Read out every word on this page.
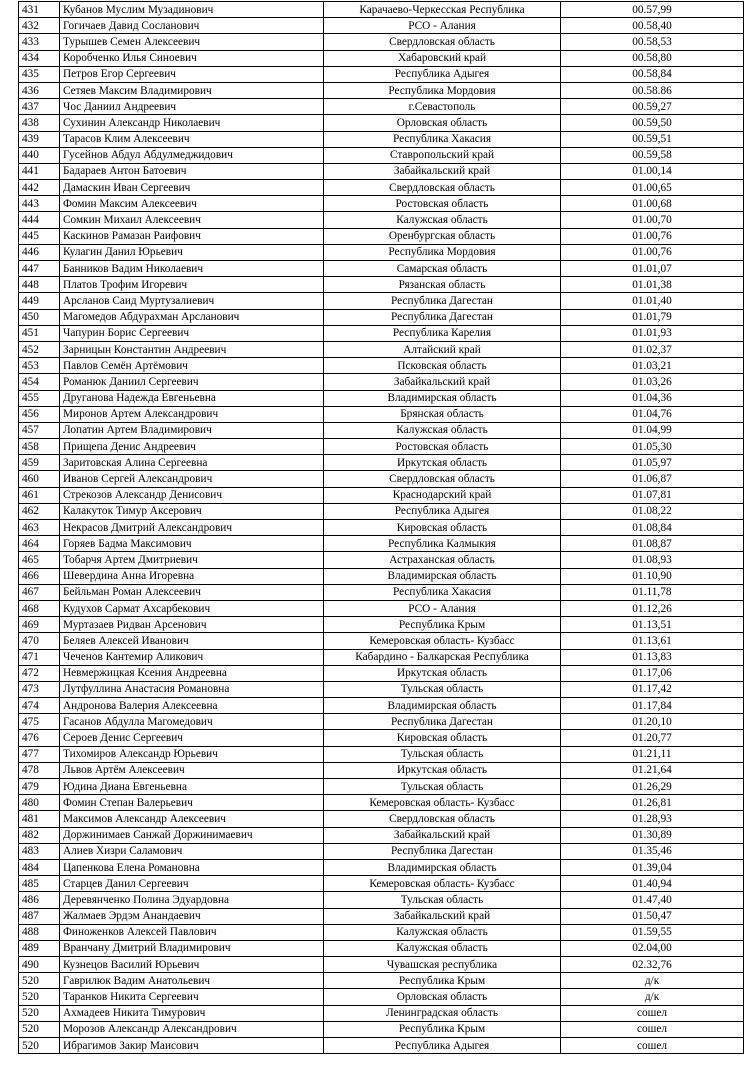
431	Кубанов Муслим Музадинович	Карачаево-Черкесская Республика	00.57,99
432	Гогичаев Давид Сосланович	РСО - Алания	00.58,40
433	Турышев Семен Алексеевич	Свердловская область	00.58,53
434	Коробченко Илья Синоевич	Хабаровский край	00.58,80
435	Петров Егор Сергеевич	Республика Адыгея	00.58,84
436	Сетяев Максим Владимирович	Республика Мордовия	00.58.86
437	Чос Даниил Андреевич	г.Севастополь	00.59,27
438	Сухинин Александр Николаевич	Орловская область	00.59,50
439	Тарасов Клим Алексеевич	Республика Хакасия	00.59,51
440	Гусейнов Абдул Абдулмеджидович	Ставропольский край	00.59,58
441	Бадараев Антон Батоевич	Забайкальский край	01.00,14
442	Дамаскин Иван Сергеевич	Свердловская область	01.00,65
443	Фомин Максим Алексеевич	Ростовская область	01.00,68
444	Сомкин Михаил Алексеевич	Калужская область	01.00,70
445	Каскинов Рамазан Раифович	Оренбургская область	01.00,76
446	Кулагин Данил Юрьевич	Республика Мордовия	01.00,76
447	Банников Вадим Николаевич	Самарская область	01.01,07
448	Платов Трофим Игоревич	Рязанская область	01.01,38
449	Арсланов Саид Муртузалиевич	Республика Дагестан	01.01,40
450	Магомедов Абдурахман Арсланович	Республика Дагестан	01.01,79
451	Чапурин Борис Сергеевич	Республика Карелия	01.01,93
452	Зарницын Константин Андреевич	Алтайский край	01.02,37
453	Павлов Семён Артёмович	Псковская область	01.03,21
454	Романюк Даниил Сергеевич	Забайкальский край	01.03,26
455	Друганова Надежда Евгеньевна	Владимирская область	01.04,36
456	Миронов Артем Александрович	Брянская область	01.04,76
457	Лопатин Артем Владимирович	Калужская область	01.04,99
458	Прищепа Денис Андреевич	Ростовская область	01.05,30
459	Заритовская Алина Сергеевна	Иркутская область	01.05,97
460	Иванов Сергей Александрович	Свердловская область	01.06,87
461	Стрекозов Александр Денисович	Краснодарский край	01.07,81
462	Калакуток Тимур Аксерович	Республика Адыгея	01.08,22
463	Некрасов Дмитрий Александрович	Кировская область	01.08,84
464	Горяев Бадма Максимович	Республика Калмыкия	01.08,87
465	Тобарчя Артем Дмитриевич	Астраханская область	01.08,93
466	Шевердина Анна Игоревна	Владимирская область	01.10,90
467	Бейльман Роман Алексеевич	Республика Хакасия	01.11,78
468	Кудухов Сармат Ахсарбекович	РСО - Алания	01.12,26
469	Муртазаев Ридван Арсенович	Республика Крым	01.13,51
470	Беляев Алексей Иванович	Кемеровская область- Кузбасс	01.13,61
471	Чеченов Кантемир Аликович	Кабардино - Балкарская Республика	01.13,83
472	Невмержицкая Ксения Андреевна	Иркутская область	01.17,06
473	Лутфуллина Анастасия Романовна	Тульская область	01.17,42
474	Андронова Валерия Алексеевна	Владимирская область	01.17,84
475	Гасанов Абдулла Магомедович	Республика Дагестан	01.20,10
476	Сероев Денис Сергеевич	Кировская область	01.20,77
477	Тихомиров Александр Юрьевич	Тульская область	01.21,11
478	Львов Артём Алексеевич	Иркутская область	01.21,64
479	Юдина Диана Евгеньевна	Тульская область	01.26,29
480	Фомин Степан Валерьевич	Кемеровская область- Кузбасс	01.26,81
481	Максимов Александр Алексеевич	Свердловская область	01.28,93
482	Доржинимаев Санжай Доржинимаевич	Забайкальский край	01.30,89
483	Алиев Хизри Саламович	Республика Дагестан	01.35,46
484	Цапенкова Елена Романовна	Владимирская область	01.39,04
485	Старцев Данил Сергеевич	Кемеровская область- Кузбасс	01.40,94
486	Деревянченко Полина Эдуардовна	Тульская область	01.47,40
487	Жалмаев Эрдэм Анандаевич	Забайкальский край	01.50,47
488	Финоженков Алексей Павлович	Калужская область	01.59,55
489	Вранчану Дмитрий Владимирович	Калужская область	02.04,00
490	Кузнецов Василий Юрьевич	Чувашская республика	02.32,76
520	Гаврилюк Вадим Анатольевич	Республика Крым	д/к
520	Таранков Никита Сергеевич	Орловская область	д/к
520	Ахмадеев Никита Тимурович	Ленинградская область	сошел
520	Морозов Александр Александрович	Республика Крым	сошел
520	Ибрагимов Закир Маисович	Республика Адыгея	сошел
